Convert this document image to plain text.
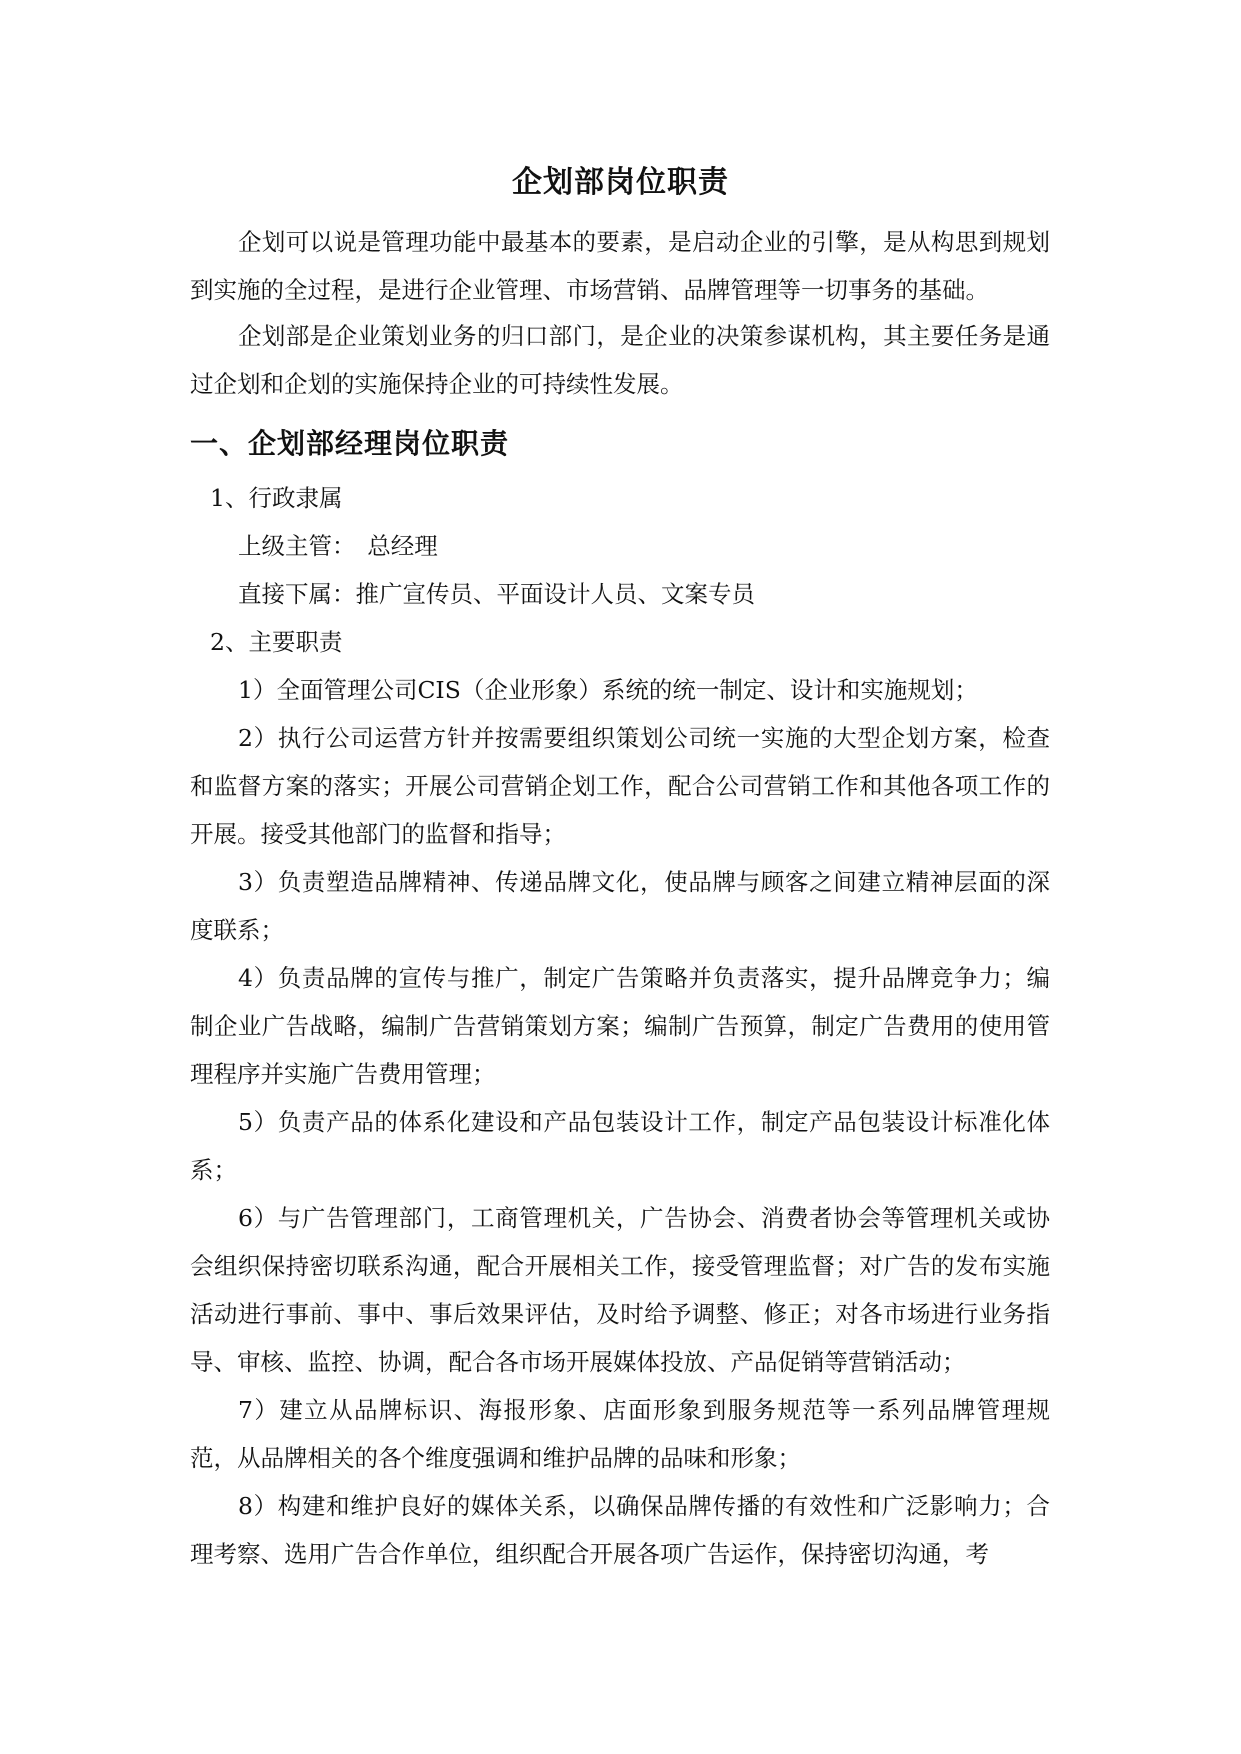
企划部岗位职责

企划可以说是管理功能中最基本的要素，是启动企业的引擎，是从构思到规划到实施的全过程，是进行企业管理、市场营销、品牌管理等一切事务的基础。

企划部是企业策划业务的归口部门，是企业的决策参谋机构，其主要任务是通过企划和企划的实施保持企业的可持续性发展。

一、企划部经理岗位职责
1、行政隶属
上级主管：　总经理
直接下属：推广宣传员、平面设计人员、文案专员
2、主要职责

1）全面管理公司CIS（企业形象）系统的统一制定、设计和实施规划；

2）执行公司运营方针并按需要组织策划公司统一实施的大型企划方案，检查和监督方案的落实；开展公司营销企划工作，配合公司营销工作和其他各项工作的开展。接受其他部门的监督和指导；

3）负责塑造品牌精神、传递品牌文化，使品牌与顾客之间建立精神层面的深度联系；

4）负责品牌的宣传与推广，制定广告策略并负责落实，提升品牌竞争力；编制企业广告战略，编制广告营销策划方案；编制广告预算，制定广告费用的使用管理程序并实施广告费用管理；

5）负责产品的体系化建设和产品包装设计工作，制定产品包装设计标准化体系；

6）与广告管理部门，工商管理机关，广告协会、消费者协会等管理机关或协会组织保持密切联系沟通，配合开展相关工作，接受管理监督；对广告的发布实施活动进行事前、事中、事后效果评估，及时给予调整、修正；对各市场进行业务指导、审核、监控、协调，配合各市场开展媒体投放、产品促销等营销活动；

7）建立从品牌标识、海报形象、店面形象到服务规范等一系列品牌管理规范，从品牌相关的各个维度强调和维护品牌的品味和形象；

8）构建和维护良好的媒体关系，以确保品牌传播的有效性和广泛影响力；合理考察、选用广告合作单位，组织配合开展各项广告运作，保持密切沟通，考
